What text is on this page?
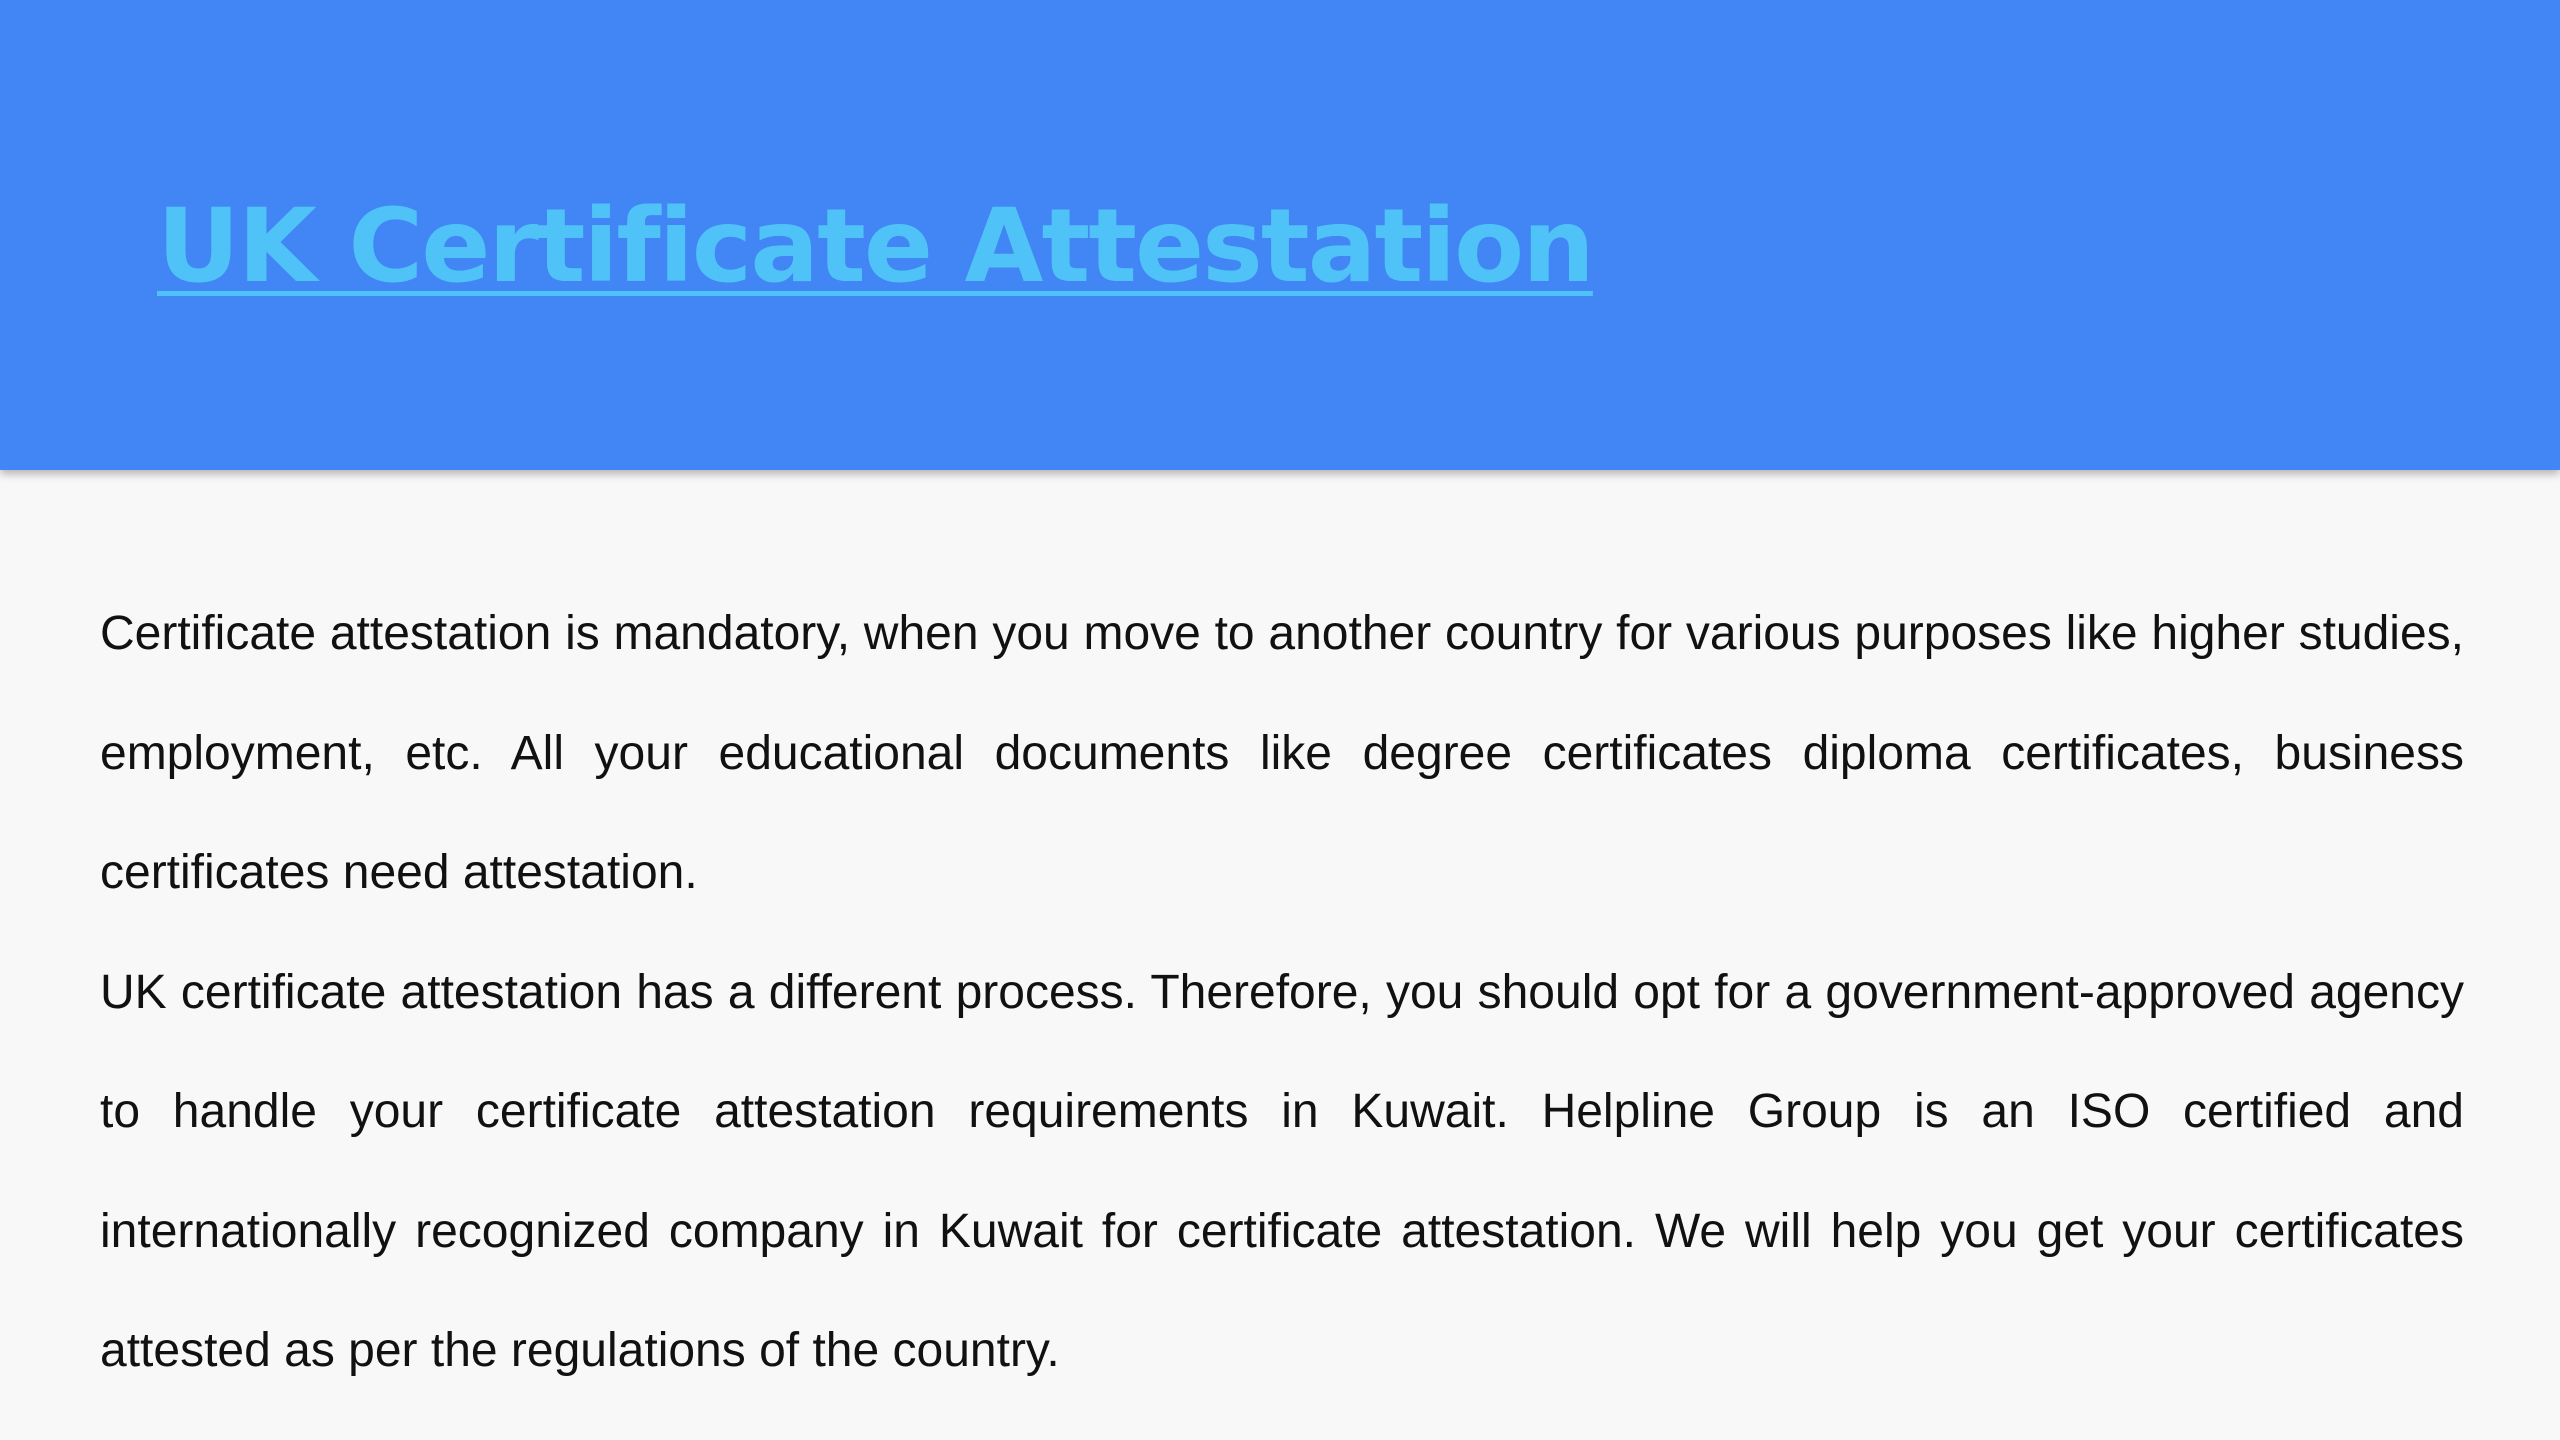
UK Certificate Attestation

Certificate attestation is mandatory, when you move to another country for various purposes like higher studies, employment, etc. All your educational documents like degree certificates diploma certificates, business certificates need attestation.

UK certificate attestation has a different process. Therefore, you should opt for a government-approved agency to handle your certificate attestation requirements in Kuwait. Helpline Group is an ISO certified and internationally recognized company in Kuwait for certificate attestation. We will help you get your certificates attested as per the regulations of the country.
